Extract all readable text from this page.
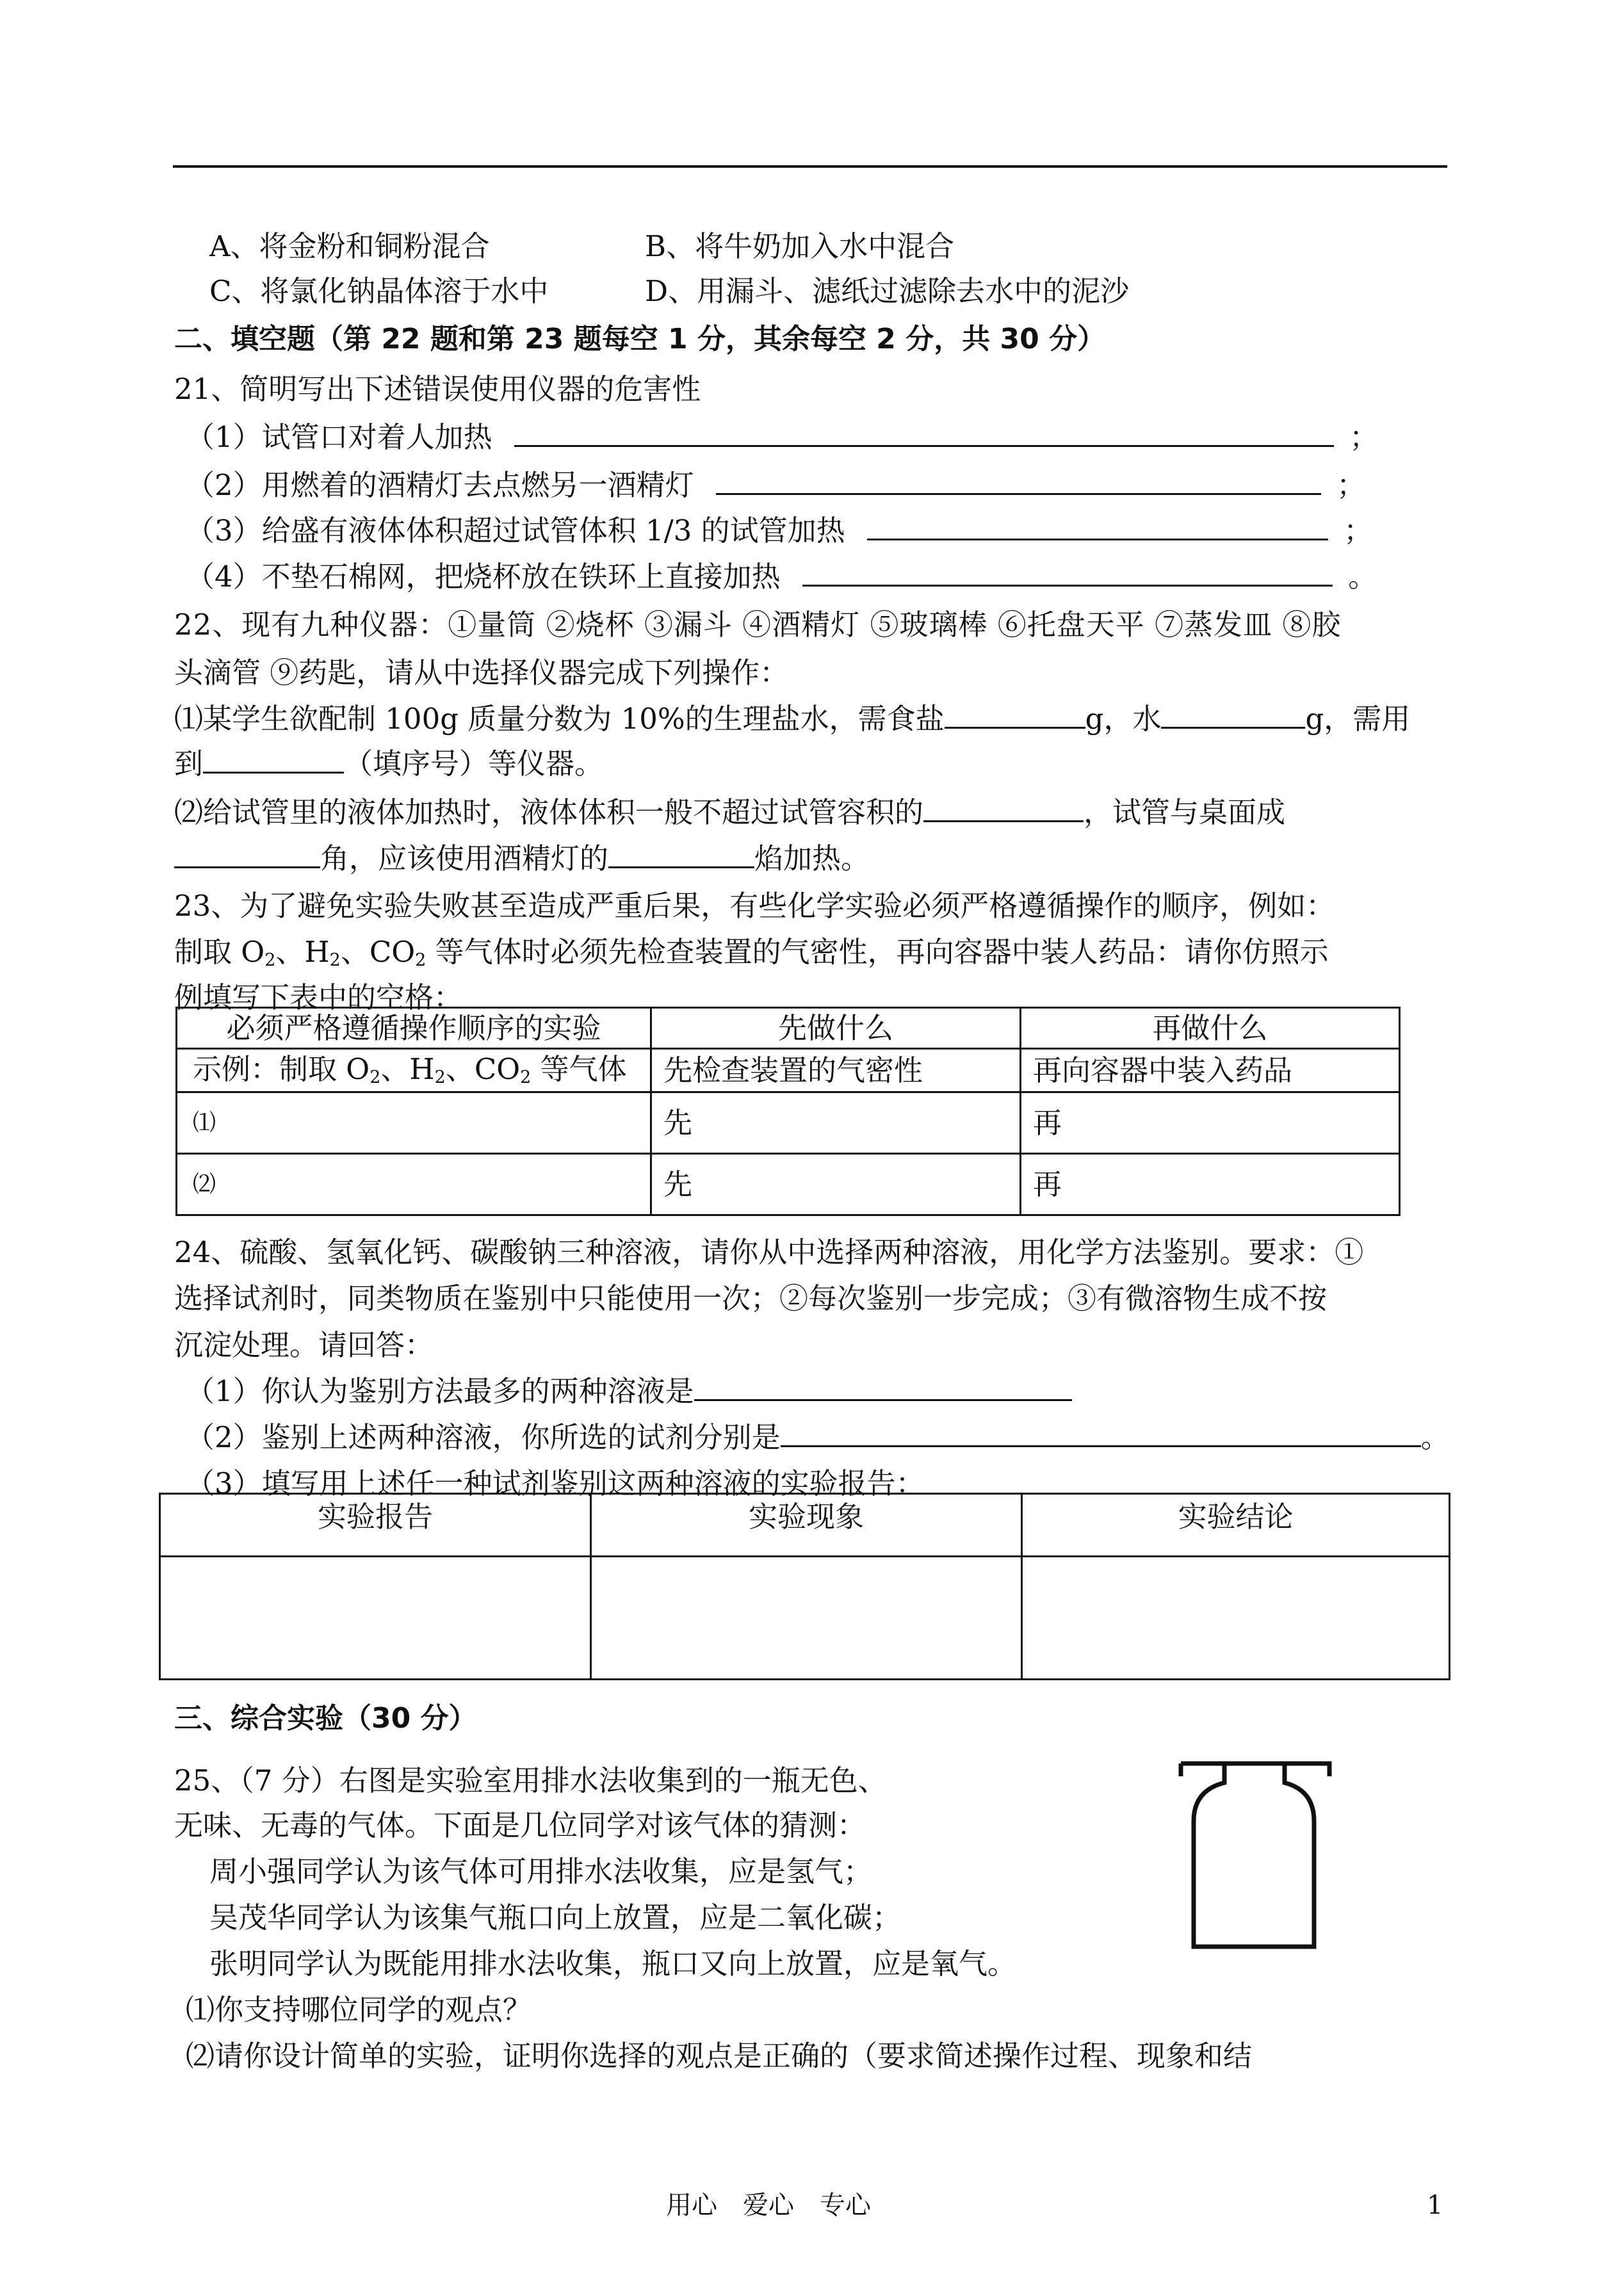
A、将金粉和铜粉混合	B、将牛奶加入水中混合
C、将氯化钠晶体溶于水中	D、用漏斗、滤纸过滤除去水中的泥沙
二、填空题（第 22 题和第 23 题每空 1 分，其余每空 2 分，共 30 分）
21、简明写出下述错误使用仪器的危害性
（1）试管口对着人加热	；
（2）用燃着的酒精灯去点燃另一酒精灯	；
（3）给盛有液体体积超过试管体积 1/3 的试管加热	；
（4）不垫石棉网，把烧杯放在铁环上直接加热	。
22、现有九种仪器：①量筒 ②烧杯 ③漏斗 ④酒精灯 ⑤玻璃棒 ⑥托盘天平 ⑦蒸发皿 ⑧胶
头滴管 ⑨药匙，请从中选择仪器完成下列操作：
⑴某学生欲配制 100g 质量分数为 10%的生理盐水，需食盐	g，水	g，需用
到	（填序号）等仪器。
⑵给试管里的液体加热时，液体体积一般不超过试管容积的	，试管与桌面成
角，应该使用酒精灯的	焰加热。
23、为了避免实验失败甚至造成严重后果，有些化学实验必须严格遵循操作的顺序，例如：
制取 $O_2$、$H_2$、$CO_2$ 等气体时必须先检查装置的气密性，再向容器中装人药品：请你仿照示
例填写下表中的空格：
必须严格遵循操作顺序的实验	先做什么	再做什么
示例：制取 $O_2$、$H_2$、$CO_2$ 等气体	先检查装置的气密性	再向容器中装入药品
⑴	先	再
⑵	先	再
24、硫酸、氢氧化钙、碳酸钠三种溶液，请你从中选择两种溶液，用化学方法鉴别。要求：①
选择试剂时，同类物质在鉴别中只能使用一次；②每次鉴别一步完成；③有微溶物生成不按
沉淀处理。请回答：
（1）你认为鉴别方法最多的两种溶液是
（2）鉴别上述两种溶液，你所选的试剂分别是	。
（3）填写用上述任一种试剂鉴别这两种溶液的实验报告：
实验报告	实验现象	实验结论

三、综合实验（30 分）
25、（7 分）右图是实验室用排水法收集到的一瓶无色、
无味、无毒的气体。下面是几位同学对该气体的猜测：
周小强同学认为该气体可用排水法收集，应是氢气；
吴茂华同学认为该集气瓶口向上放置，应是二氧化碳；
张明同学认为既能用排水法收集，瓶口又向上放置，应是氧气。
⑴你支持哪位同学的观点？
⑵请你设计简单的实验，证明你选择的观点是正确的（要求简述操作过程、现象和结
用心　爱心　专心	1
